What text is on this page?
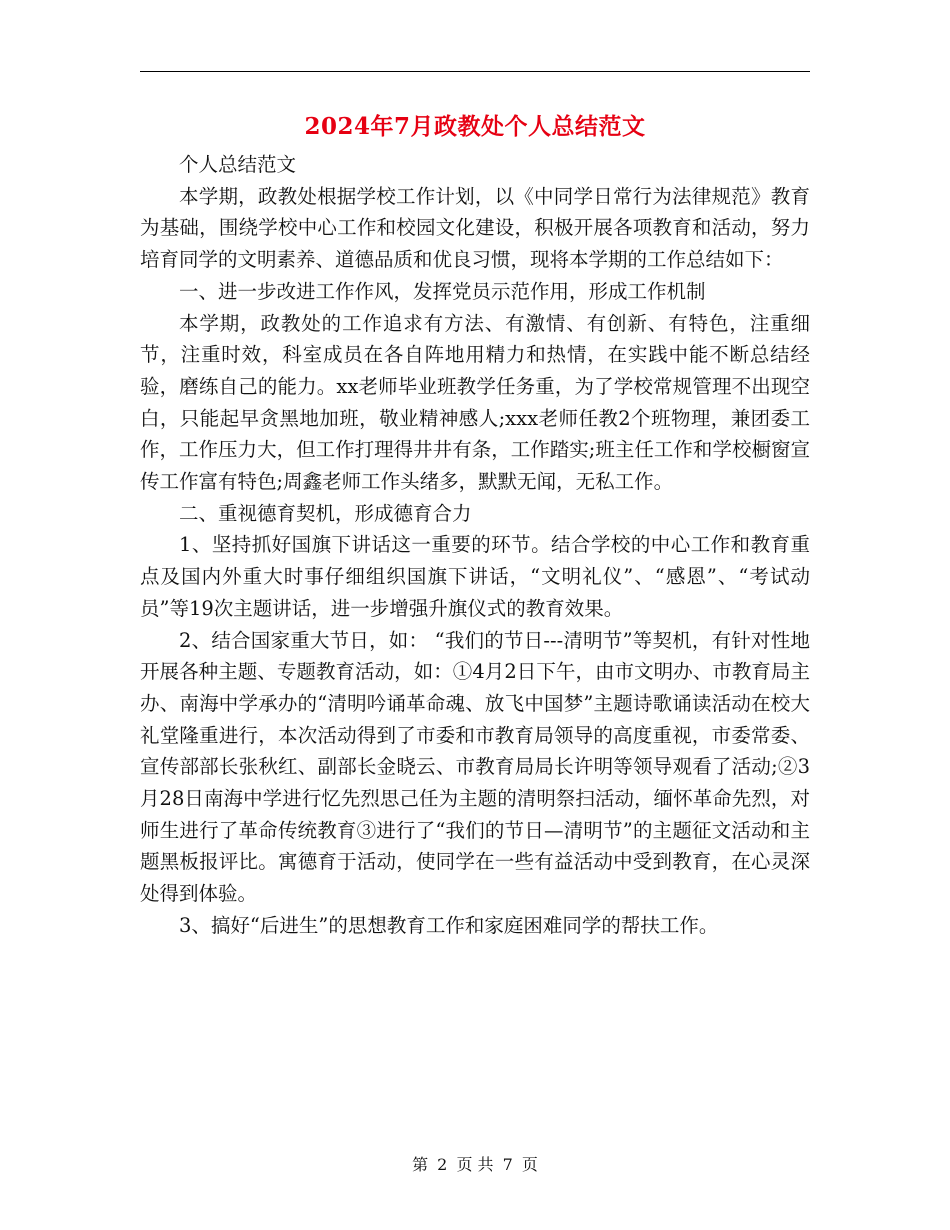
2024年7月政教处个人总结范文

个人总结范文

本学期，政教处根据学校工作计划，以《中同学日常行为法律规范》教育为基础，围绕学校中心工作和校园文化建设，积极开展各项教育和活动，努力培育同学的文明素养、道德品质和优良习惯，现将本学期的工作总结如下：

一、进一步改进工作作风，发挥党员示范作用，形成工作机制

本学期，政教处的工作追求有方法、有激情、有创新、有特色，注重细节，注重时效，科室成员在各自阵地用精力和热情，在实践中能不断总结经验，磨练自己的能力。xx老师毕业班教学任务重，为了学校常规管理不出现空白，只能起早贪黑地加班，敬业精神感人;xxx老师任教2个班物理，兼团委工作，工作压力大，但工作打理得井井有条，工作踏实;班主任工作和学校橱窗宣传工作富有特色;周鑫老师工作头绪多，默默无闻，无私工作。

二、重视德育契机，形成德育合力

1、坚持抓好国旗下讲话这一重要的环节。结合学校的中心工作和教育重点及国内外重大时事仔细组织国旗下讲话，“文明礼仪”、“感恩”、“考试动员”等19次主题讲话，进一步增强升旗仪式的教育效果。

2、结合国家重大节日，如： “我们的节日---清明节”等契机，有针对性地开展各种主题、专题教育活动，如：①4月2日下午，由市文明办、市教育局主办、南海中学承办的“清明吟诵革命魂、放飞中国梦”主题诗歌诵读活动在校大礼堂隆重进行，本次活动得到了市委和市教育局领导的高度重视，市委常委、宣传部部长张秋红、副部长金晓云、市教育局局长许明等领导观看了活动;②3月28日南海中学进行忆先烈思己任为主题的清明祭扫活动，缅怀革命先烈，对师生进行了革命传统教育③进行了“我们的节日—清明节”的主题征文活动和主题黑板报评比。寓德育于活动，使同学在一些有益活动中受到教育，在心灵深处得到体验。

3、搞好“后进生”的思想教育工作和家庭困难同学的帮扶工作。

第 2 页 共 7 页
